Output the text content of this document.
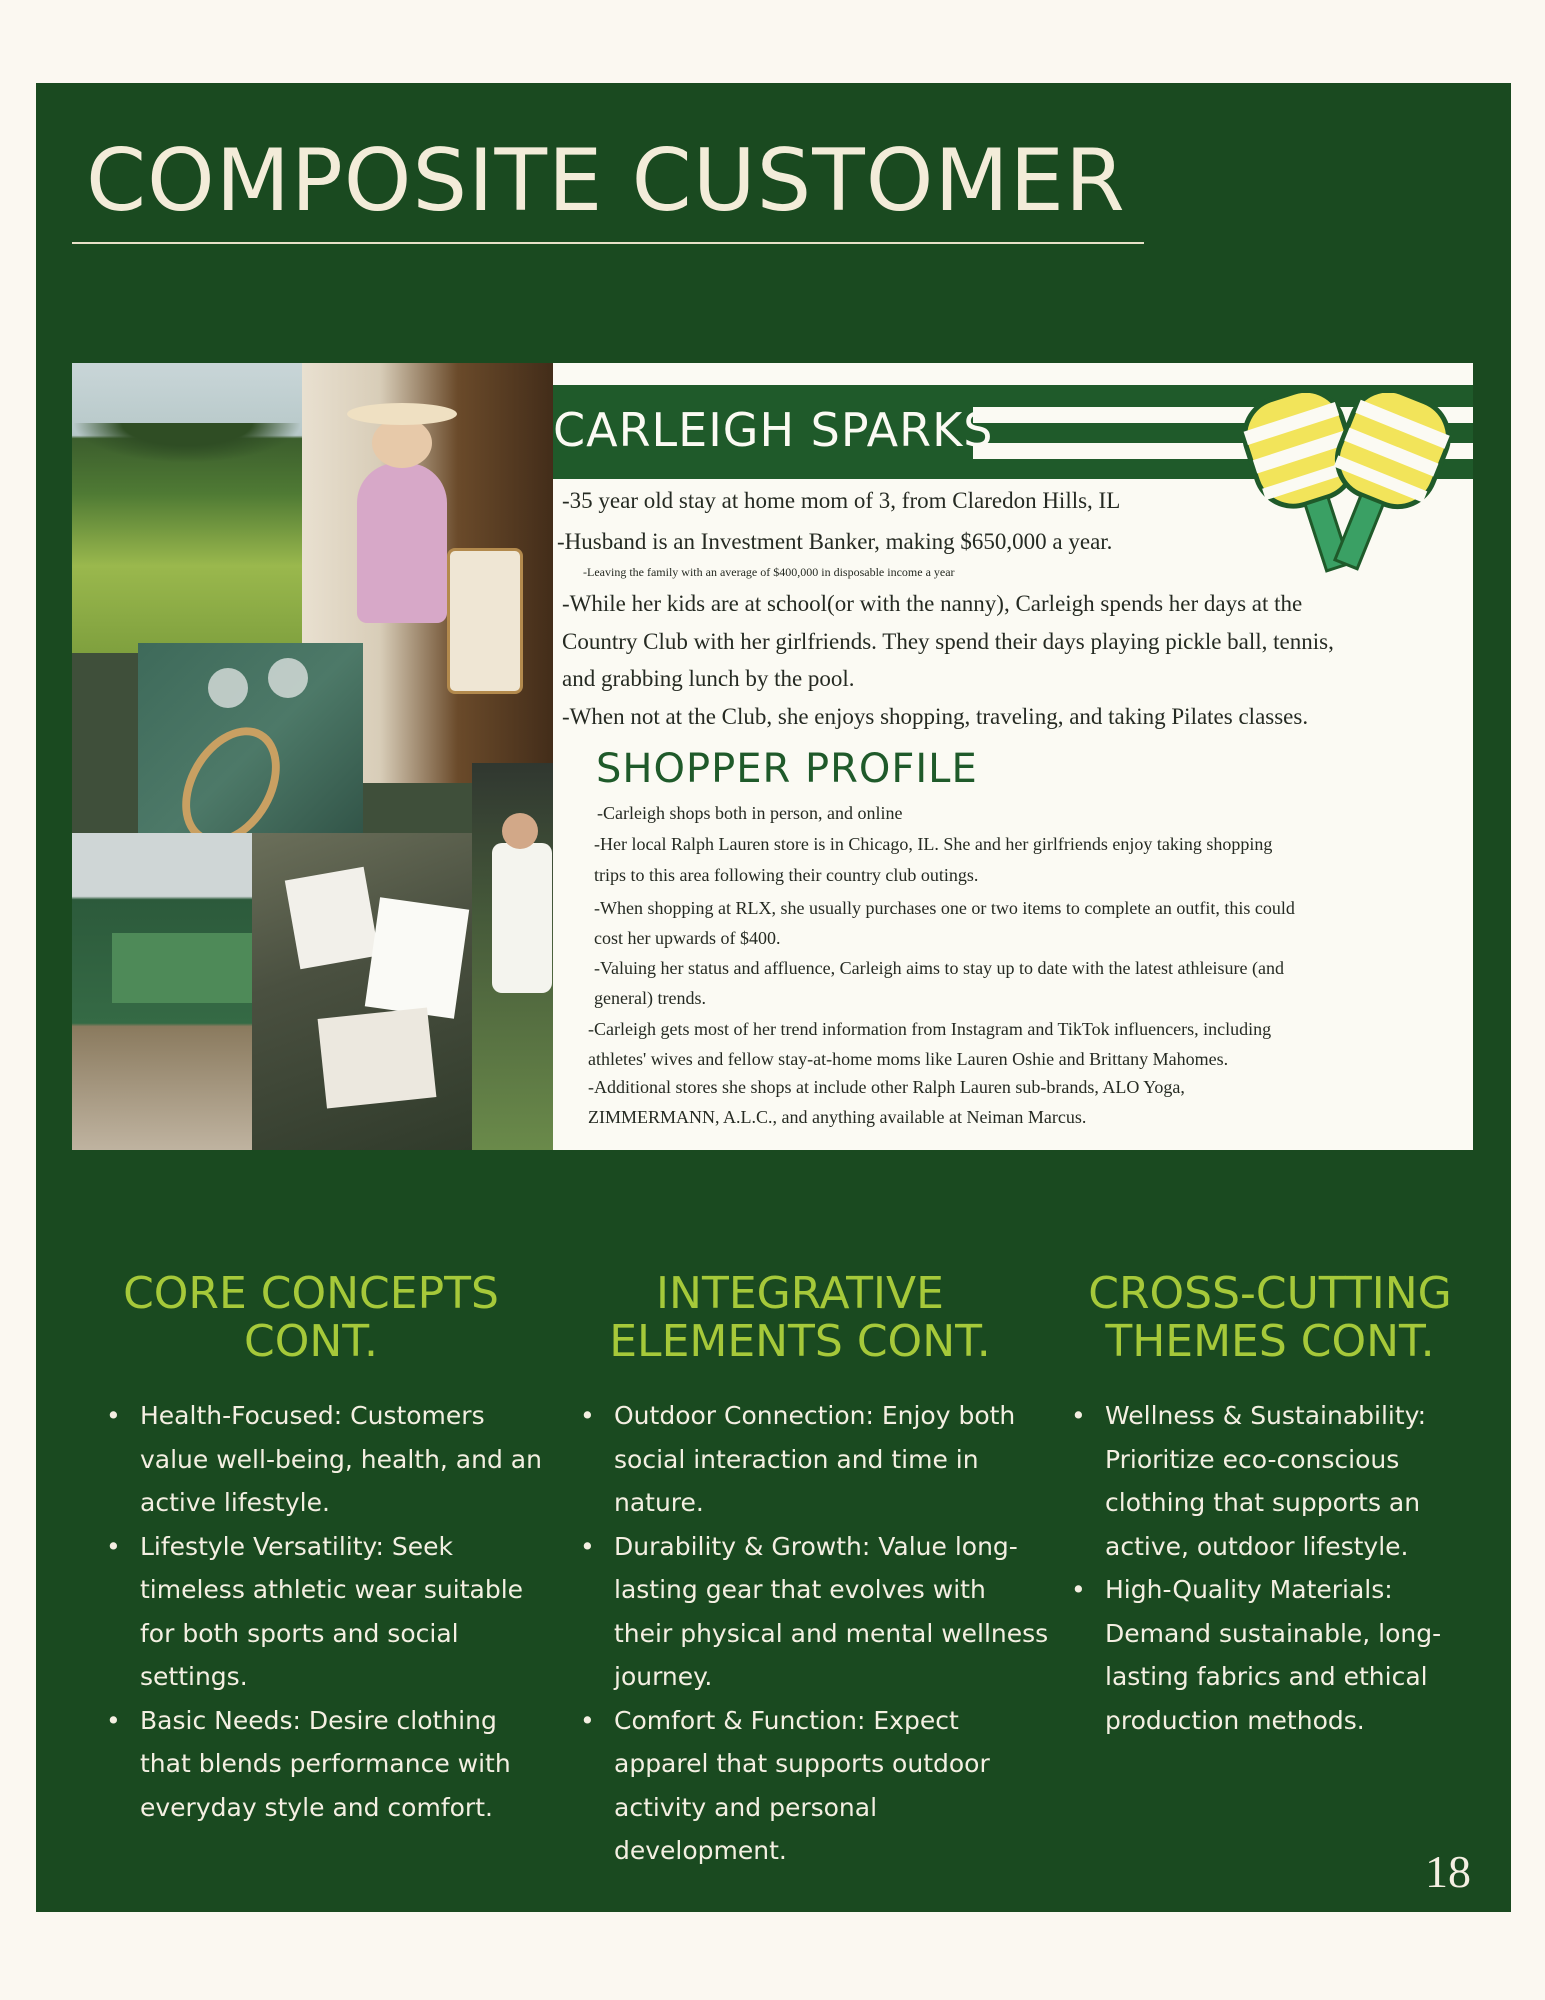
COMPOSITE CUSTOMER
CARLEIGH SPARKS

-35 year old stay at home mom of 3, from Claredon Hills, IL

-Husband is an Investment Banker, making $650,000 a year.

-Leaving the family with an average of $400,000 in disposable income a year

-While her kids are at school(or with the nanny), Carleigh spends her days at the

Country Club with her girlfriends. They spend their days playing pickle ball, tennis,

and grabbing lunch by the pool.

-When not at the Club, she enjoys shopping, traveling, and taking Pilates classes.

SHOPPER PROFILE

-Carleigh shops both in person, and online

-Her local Ralph Lauren store is in Chicago, IL. She and her girlfriends enjoy taking shopping

trips to this area following their country club outings.

-When shopping at RLX, she usually purchases one or two items to complete an outfit, this could

cost her upwards of $400.

-Valuing her status and affluence, Carleigh aims to stay up to date with the latest athleisure (and

general) trends.

-Carleigh gets most of her trend information from Instagram and TikTok influencers, including

athletes' wives and fellow stay-at-home moms like Lauren Oshie and Brittany Mahomes.

-Additional stores she shops at include other Ralph Lauren sub-brands, ALO Yoga,

ZIMMERMANN, A.L.C., and anything available at Neiman Marcus.

CORE CONCEPTS
CONT.
• Health-Focused: Customers
value well-being, health, and an
active lifestyle.
• Lifestyle Versatility: Seek
timeless athletic wear suitable
for both sports and social
settings.
• Basic Needs: Desire clothing
that blends performance with
everyday style and comfort.
INTEGRATIVE
ELEMENTS CONT.
• Outdoor Connection: Enjoy both
social interaction and time in
nature.
• Durability & Growth: Value long-
lasting gear that evolves with
their physical and mental wellness
journey.
• Comfort & Function: Expect
apparel that supports outdoor
activity and personal
development.
CROSS-CUTTING
THEMES CONT.
• Wellness & Sustainability:
Prioritize eco-conscious
clothing that supports an
active, outdoor lifestyle.
• High-Quality Materials:
Demand sustainable, long-
lasting fabrics and ethical
production methods.
18
